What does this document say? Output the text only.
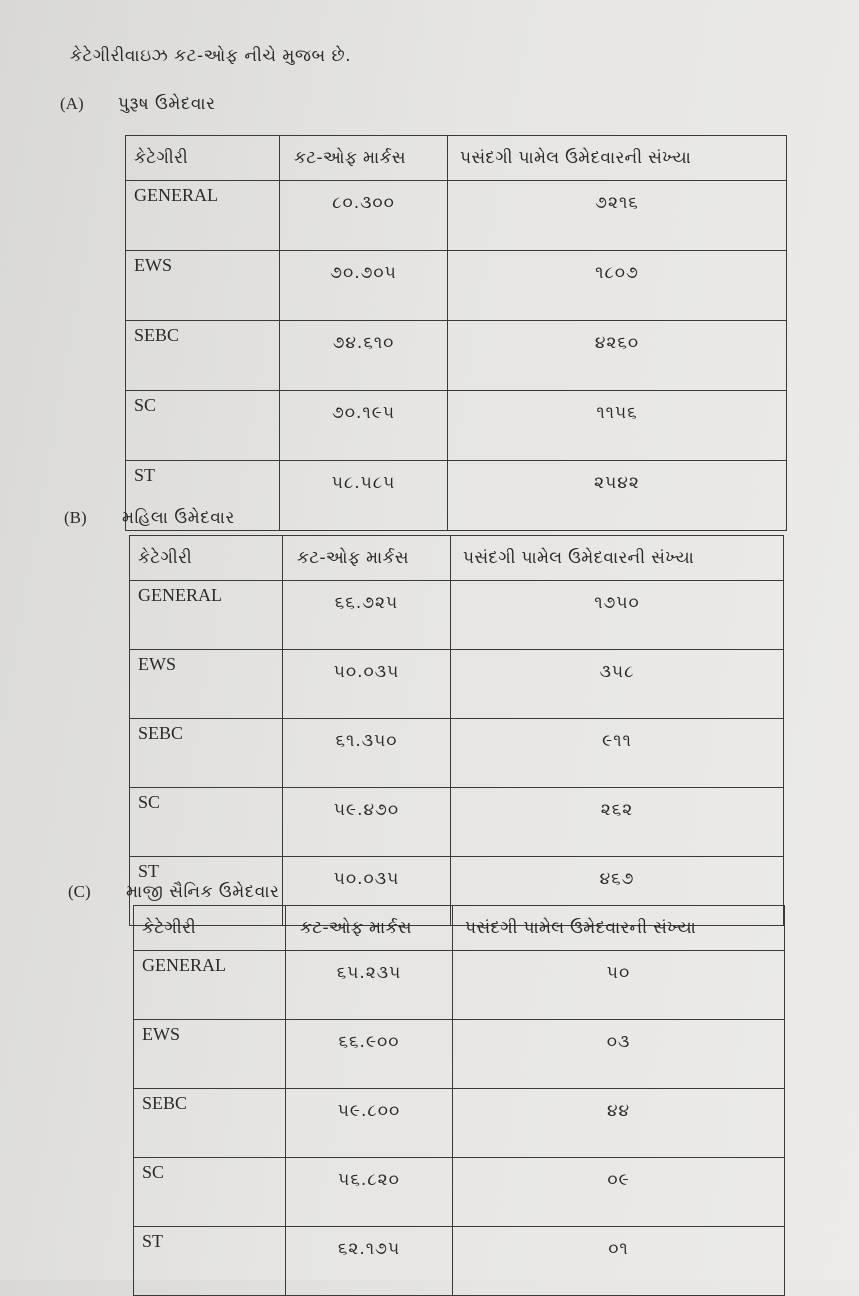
કેટેગીરીવાઇઝ કટ-ઓફ નીચે મુજબ છે.
(A)	પુરૂષ ઉમેદવાર
કેટેગીરી	કટ-ઓફ માર્કસ	પસંદગી પામેલ ઉમેદવારની સંખ્યા
GENERAL	૮૦.૩૦૦	૭૨૧૬
EWS	૭૦.૭૦૫	૧૮૦૭
SEBC	૭૪.૬૧૦	૪૨૬૦
SC	૭૦.૧૯૫	૧૧૫૬
ST	૫૮.૫૮૫	૨૫૪૨
(B)	મહિલા ઉમેદવાર
કેટેગીરી	કટ-ઓફ માર્કસ	પસંદગી પામેલ ઉમેદવારની સંખ્યા
GENERAL	૬૬.૭૨૫	૧૭૫૦
EWS	૫૦.૦૩૫	૩૫૮
SEBC	૬૧.૩૫૦	૯૧૧
SC	૫૯.૪૭૦	૨૬૨
ST	૫૦.૦૩૫	૪૬૭
(C)	માજી સૈનિક ઉમેદવાર
કેટેગીરી	કટ-ઓફ માર્કસ	પસંદગી પામેલ ઉમેદવારની સંખ્યા
GENERAL	૬૫.૨૩૫	૫૦
EWS	૬૬.૯૦૦	૦૩
SEBC	૫૯.૮૦૦	૪૪
SC	૫૬.૮૨૦	૦૯
ST	૬૨.૧૭૫	૦૧
